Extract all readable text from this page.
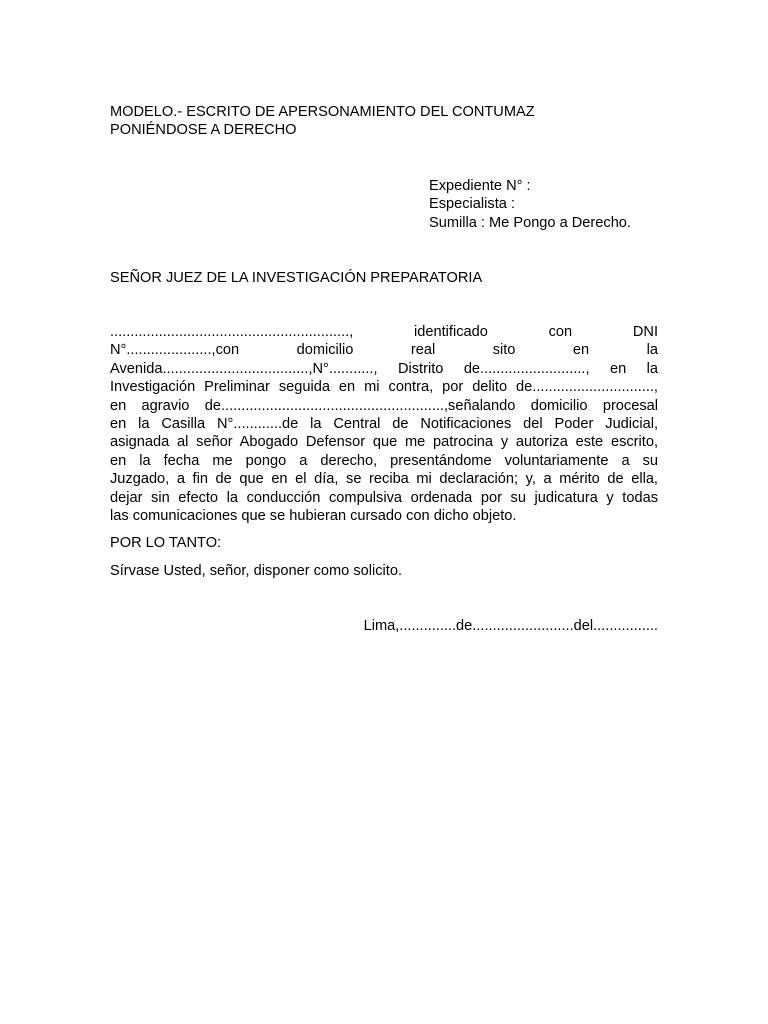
MODELO.- ESCRITO DE APERSONAMIENTO DEL CONTUMAZ
PONIÉNDOSE A DERECHO
Expediente N° :
Especialista :
Sumilla : Me Pongo a Derecho.

SEÑOR JUEZ DE LA INVESTIGACIÓN PREPARATORIA

..........................................................., identificado con DNI
N°.....................,con domicilio real sito en la
Avenida....................................,N°..........., Distrito de.........................., en la
Investigación Preliminar seguida en mi contra, por delito de..............................,
en agravio de.......................................................,señalando domicilio procesal
en la Casilla N°............de la Central de Notificaciones del Poder Judicial,
asignada al señor Abogado Defensor que me patrocina y autoriza este escrito,
en la fecha me pongo a derecho, presentándome voluntariamente a su
Juzgado, a fin de que en el día, se reciba mi declaración; y, a mérito de ella,
dejar sin efecto la conducción compulsiva ordenada por su judicatura y todas
las comunicaciones que se hubieran cursado con dicho objeto.
POR LO TANTO:
Sírvase Usted, señor, disponer como solicito.
Lima,..............de.........................del................
